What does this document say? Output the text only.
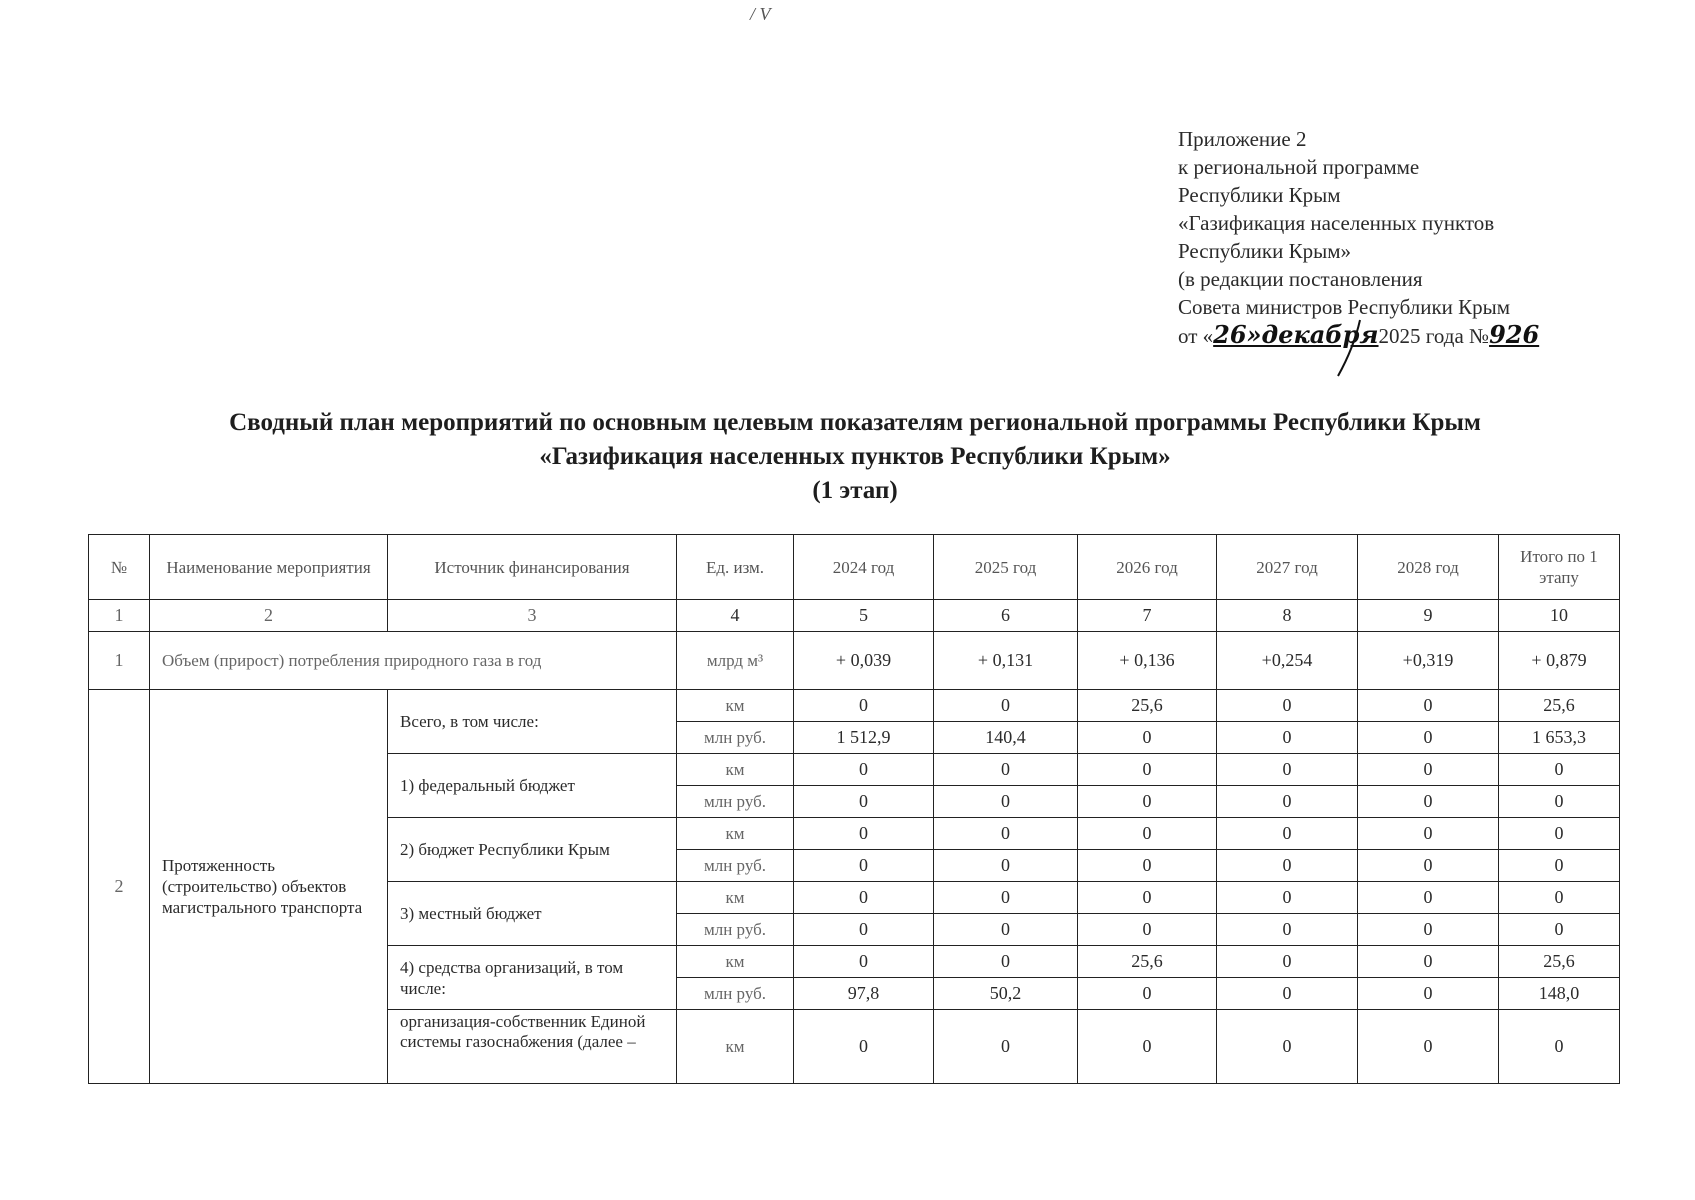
/ V
Приложение 2
к региональной программе
Республики Крым
«Газификация населенных пунктов
Республики Крым»
(в редакции постановления
Совета министров Республики Крым
от «26»декабря2025 года №926
Сводный план мероприятий по основным целевым показателям региональной программы Республики Крым
«Газификация населенных пунктов Республики Крым»
(1 этап)
№	Наименование мероприятия	Источник финансирования	Ед. изм.	2024 год	2025 год	2026 год	2027 год	2028 год	Итого по 1 этапу
1	2	3	4	5	6	7	8	9	10
1	Объем (прирост) потребления природного газа в год		млрд м³	+ 0,039	+ 0,131	+ 0,136	+0,254	+0,319	+ 0,879
2	Протяженность (строительство) объектов магистрального транспорта	Всего, в том числе:	км	0	0	25,6	0	0	25,6
			млн руб.	1 512,9	140,4	0	0	0	1 653,3
		1) федеральный бюджет	км	0	0	0	0	0	0
			млн руб.	0	0	0	0	0	0
		2) бюджет Республики Крым	км	0	0	0	0	0	0
			млн руб.	0	0	0	0	0	0
		3) местный бюджет	км	0	0	0	0	0	0
			млн руб.	0	0	0	0	0	0
		4) средства организаций, в том числе:	км	0	0	25,6	0	0	25,6
			млн руб.	97,8	50,2	0	0	0	148,0
		организация-собственник Единой системы газоснабжения (далее –	км	0	0	0	0	0	0
